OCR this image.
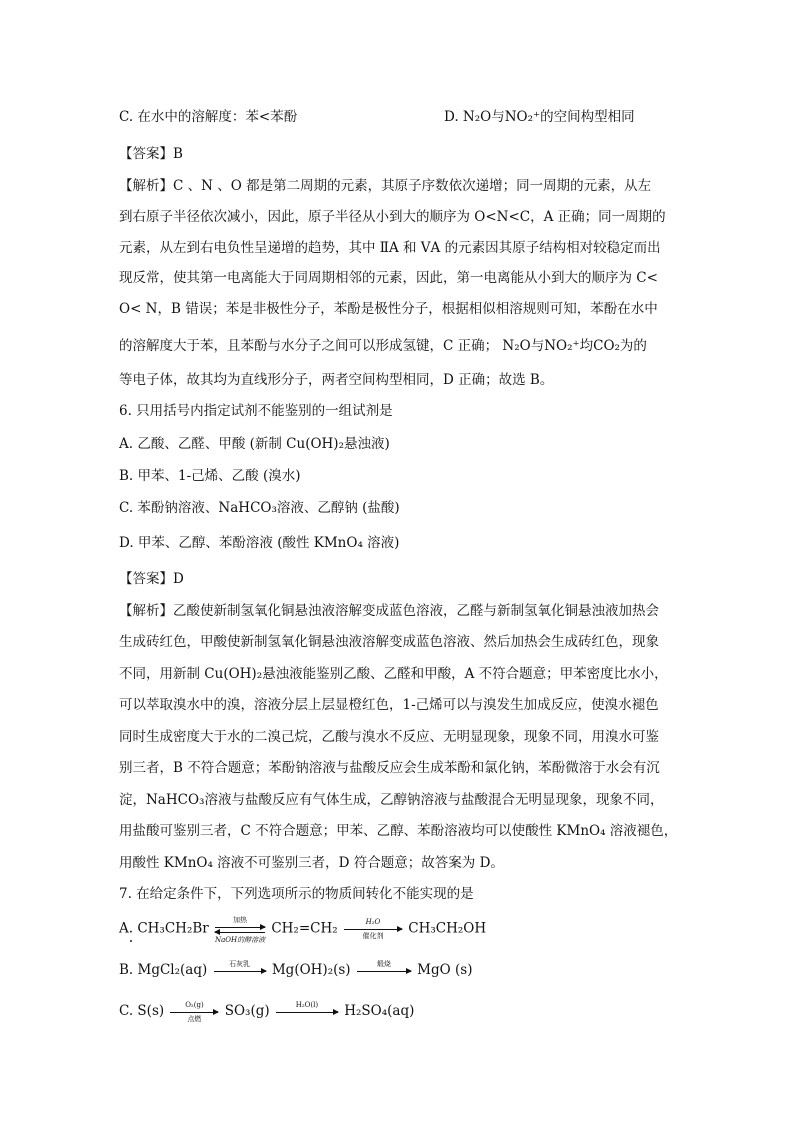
C. 在水中的溶解度：苯<苯酚	D. N₂O与NO₂⁺的空间构型相同
【答案】B
【解析】C 、N 、O 都是第二周期的元素，其原子序数依次递增；同一周期的元素，从左
到右原子半径依次减小，因此，原子半径从小到大的顺序为 O<N<C，A 正确；同一周期的
元素，从左到右电负性呈递增的趋势，其中 ⅡA 和 ⅤA 的元素因其原子结构相对较稳定而出
现反常，使其第一电离能大于同周期相邻的元素，因此，第一电离能从小到大的顺序为 C<
O< N，B 错误；苯是非极性分子，苯酚是极性分子，根据相似相溶规则可知，苯酚在水中
的溶解度大于苯，且苯酚与水分子之间可以形成氢键，C 正确； N₂O与NO₂⁺均CO₂为的
等电子体，故其均为直线形分子，两者空间构型相同，D 正确；故选 B。
6. 只用括号内指定试剂不能鉴别的一组试剂是
A. 乙酸、乙醛、甲酸 (新制 Cu(OH)₂悬浊液)
B. 甲苯、1-己烯、乙酸 (溴水)
C. 苯酚钠溶液、NaHCO₃溶液、乙醇钠 (盐酸)
D. 甲苯、乙醇、苯酚溶液 (酸性 KMnO₄ 溶液)
【答案】D
【解析】乙酸使新制氢氧化铜悬浊液溶解变成蓝色溶液，乙醛与新制氢氧化铜悬浊液加热会
生成砖红色，甲酸使新制氢氧化铜悬浊液溶解变成蓝色溶液、然后加热会生成砖红色，现象
不同，用新制 Cu(OH)₂悬浊液能鉴别乙酸、乙醛和甲酸，A 不符合题意；甲苯密度比水小，
可以萃取溴水中的溴，溶液分层上层显橙红色，1-己烯可以与溴发生加成反应，使溴水褪色
同时生成密度大于水的二溴己烷，乙酸与溴水不反应、无明显现象，现象不同，用溴水可鉴
别三者，B 不符合题意；苯酚钠溶液与盐酸反应会生成苯酚和氯化钠，苯酚微溶于水会有沉
淀，NaHCO₃溶液与盐酸反应有气体生成，乙醇钠溶液与盐酸混合无明显现象，现象不同，
用盐酸可鉴别三者，C 不符合题意；甲苯、乙醇、苯酚溶液均可以使酸性 KMnO₄ 溶液褪色，
用酸性 KMnO₄ 溶液不可鉴别三者，D 符合题意；故答案为 D。
7. 在给定条件下，下列选项所示的物质间转化不能实现的是
A. CH₃CH₂Br
加热
NaOH的醇溶液
CH₂=CH₂	H₂O
催化剂	CH₃CH₂OH
B. MgCl₂(aq)	石灰乳	Mg(OH)₂(s)	煅烧	MgO (s)
C. S(s)	O₂(g)
点燃	SO₃(g)	H₂O(l)	H₂SO₄(aq)
